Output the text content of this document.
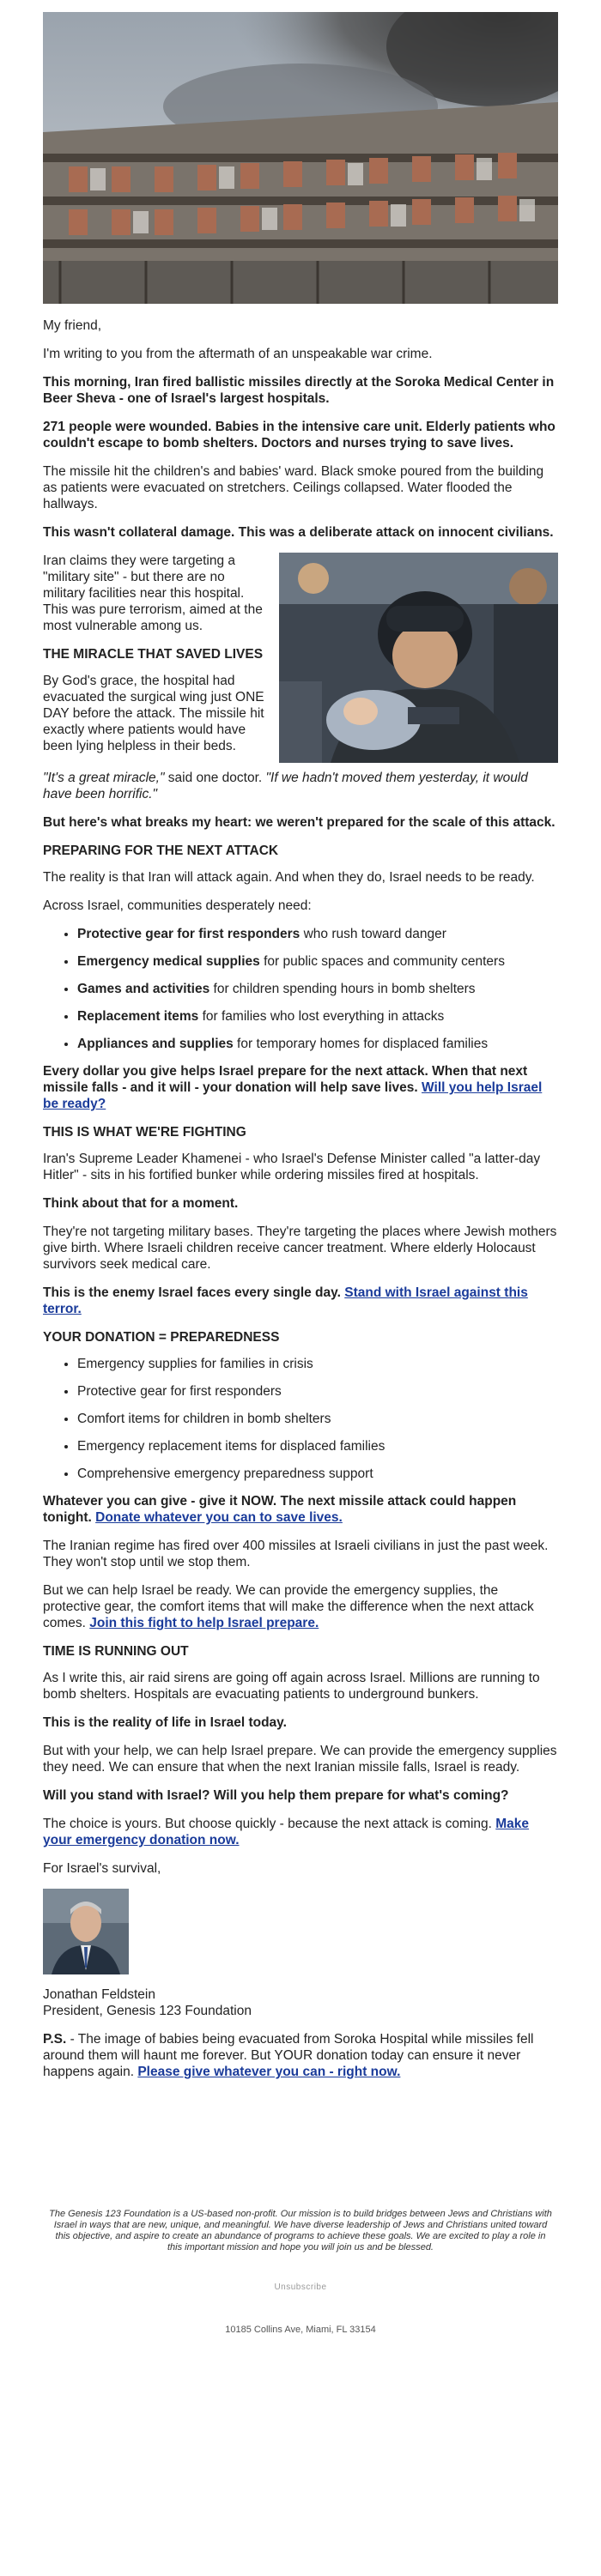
My friend,

I'm writing to you from the aftermath of an unspeakable war crime.

This morning, Iran fired ballistic missiles directly at the Soroka Medical Center in Beer Sheva - one of Israel's largest hospitals.

271 people were wounded. Babies in the intensive care unit. Elderly patients who couldn't escape to bomb shelters. Doctors and nurses trying to save lives.

The missile hit the children's and babies' ward. Black smoke poured from the building as patients were evacuated on stretchers. Ceilings collapsed. Water flooded the hallways.

This wasn't collateral damage. This was a deliberate attack on innocent civilians.

Iran claims they were targeting a "military site" - but there are no military facilities near this hospital. This was pure terrorism, aimed at the most vulnerable among us.

THE MIRACLE THAT SAVED LIVES

By God's grace, the hospital had evacuated the surgical wing just ONE DAY before the attack. The missile hit exactly where patients would have been lying helpless in their beds.

"It's a great miracle," said one doctor. "If we hadn't moved them yesterday, it would have been horrific."

But here's what breaks my heart: we weren't prepared for the scale of this attack.

PREPARING FOR THE NEXT ATTACK

The reality is that Iran will attack again. And when they do, Israel needs to be ready.

Across Israel, communities desperately need:

• Protective gear for first responders who rush toward danger
• Emergency medical supplies for public spaces and community centers
• Games and activities for children spending hours in bomb shelters
• Replacement items for families who lost everything in attacks
• Appliances and supplies for temporary homes for displaced families

Every dollar you give helps Israel prepare for the next attack. When that next missile falls - and it will - your donation will help save lives. Will you help Israel be ready?

THIS IS WHAT WE'RE FIGHTING

Iran's Supreme Leader Khamenei - who Israel's Defense Minister called "a latter-day Hitler" - sits in his fortified bunker while ordering missiles fired at hospitals.

Think about that for a moment.

They're not targeting military bases. They're targeting the places where Jewish mothers give birth. Where Israeli children receive cancer treatment. Where elderly Holocaust survivors seek medical care.

This is the enemy Israel faces every single day. Stand with Israel against this terror.

YOUR DONATION = PREPAREDNESS
• Emergency supplies for families in crisis
• Protective gear for first responders
• Comfort items for children in bomb shelters
• Emergency replacement items for displaced families
• Comprehensive emergency preparedness support

Whatever you can give - give it NOW. The next missile attack could happen tonight. Donate whatever you can to save lives.

The Iranian regime has fired over 400 missiles at Israeli civilians in just the past week. They won't stop until we stop them.

But we can help Israel be ready. We can provide the emergency supplies, the protective gear, the comfort items that will make the difference when the next attack comes. Join this fight to help Israel prepare.

TIME IS RUNNING OUT

As I write this, air raid sirens are going off again across Israel. Millions are running to bomb shelters. Hospitals are evacuating patients to underground bunkers.

This is the reality of life in Israel today.

But with your help, we can help Israel prepare. We can provide the emergency supplies they need. We can ensure that when the next Iranian missile falls, Israel is ready.

Will you stand with Israel? Will you help them prepare for what's coming?

The choice is yours. But choose quickly - because the next attack is coming. Make your emergency donation now.

For Israel's survival,

Jonathan Feldstein

President, Genesis 123 Foundation

P.S. - The image of babies being evacuated from Soroka Hospital while missiles fell around them will haunt me forever. But YOUR donation today can ensure it never happens again. Please give whatever you can - right now.

The Genesis 123 Foundation is a US-based non-profit. Our mission is to build bridges between Jews and Christians with Israel in ways that are new, unique, and meaningful. We have diverse leadership of Jews and Christians united toward this objective, and aspire to create an abundance of programs to achieve these goals. We are excited to play a role in this important mission and hope you will join us and be blessed.
Unsubscribe
10185 Collins Ave, Miami, FL 33154
